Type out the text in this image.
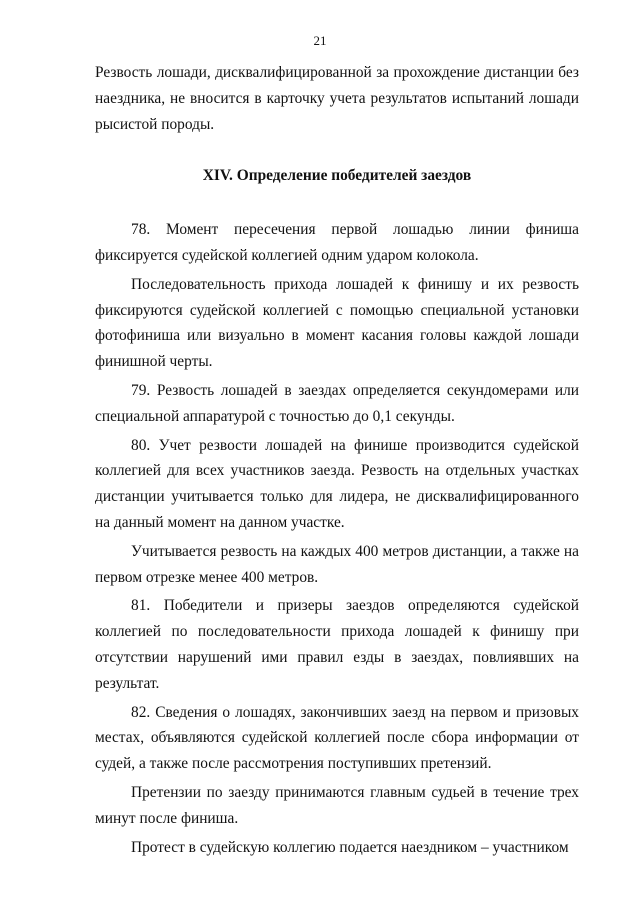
21

Резвость лошади, дисквалифицированной за прохождение дистанции без наездника, не вносится в карточку учета результатов испытаний лошади рысистой породы.

XIV. Определение победителей заездов

78. Момент пересечения первой лошадью линии финиша фиксируется судейской коллегией одним ударом колокола.

Последовательность прихода лошадей к финишу и их резвость фиксируются судейской коллегией с помощью специальной установки фотофиниша или визуально в момент касания головы каждой лошади финишной черты.

79. Резвость лошадей в заездах определяется секундомерами или специальной аппаратурой с точностью до 0,1 секунды.

80. Учет резвости лошадей на финише производится судейской коллегией для всех участников заезда. Резвость на отдельных участках дистанции учитывается только для лидера, не дисквалифицированного на данный момент на данном участке.

Учитывается резвость на каждых 400 метров дистанции, а также на первом отрезке менее 400 метров.

81. Победители и призеры заездов определяются судейской коллегией по последовательности прихода лошадей к финишу при отсутствии нарушений ими правил езды в заездах, повлиявших на результат.

82. Сведения о лошадях, закончивших заезд на первом и призовых местах, объявляются судейской коллегией после сбора информации от судей, а также после рассмотрения поступивших претензий.

Претензии по заезду принимаются главным судьей в течение трех минут после финиша.

Протест в судейскую коллегию подается наездником – участником
